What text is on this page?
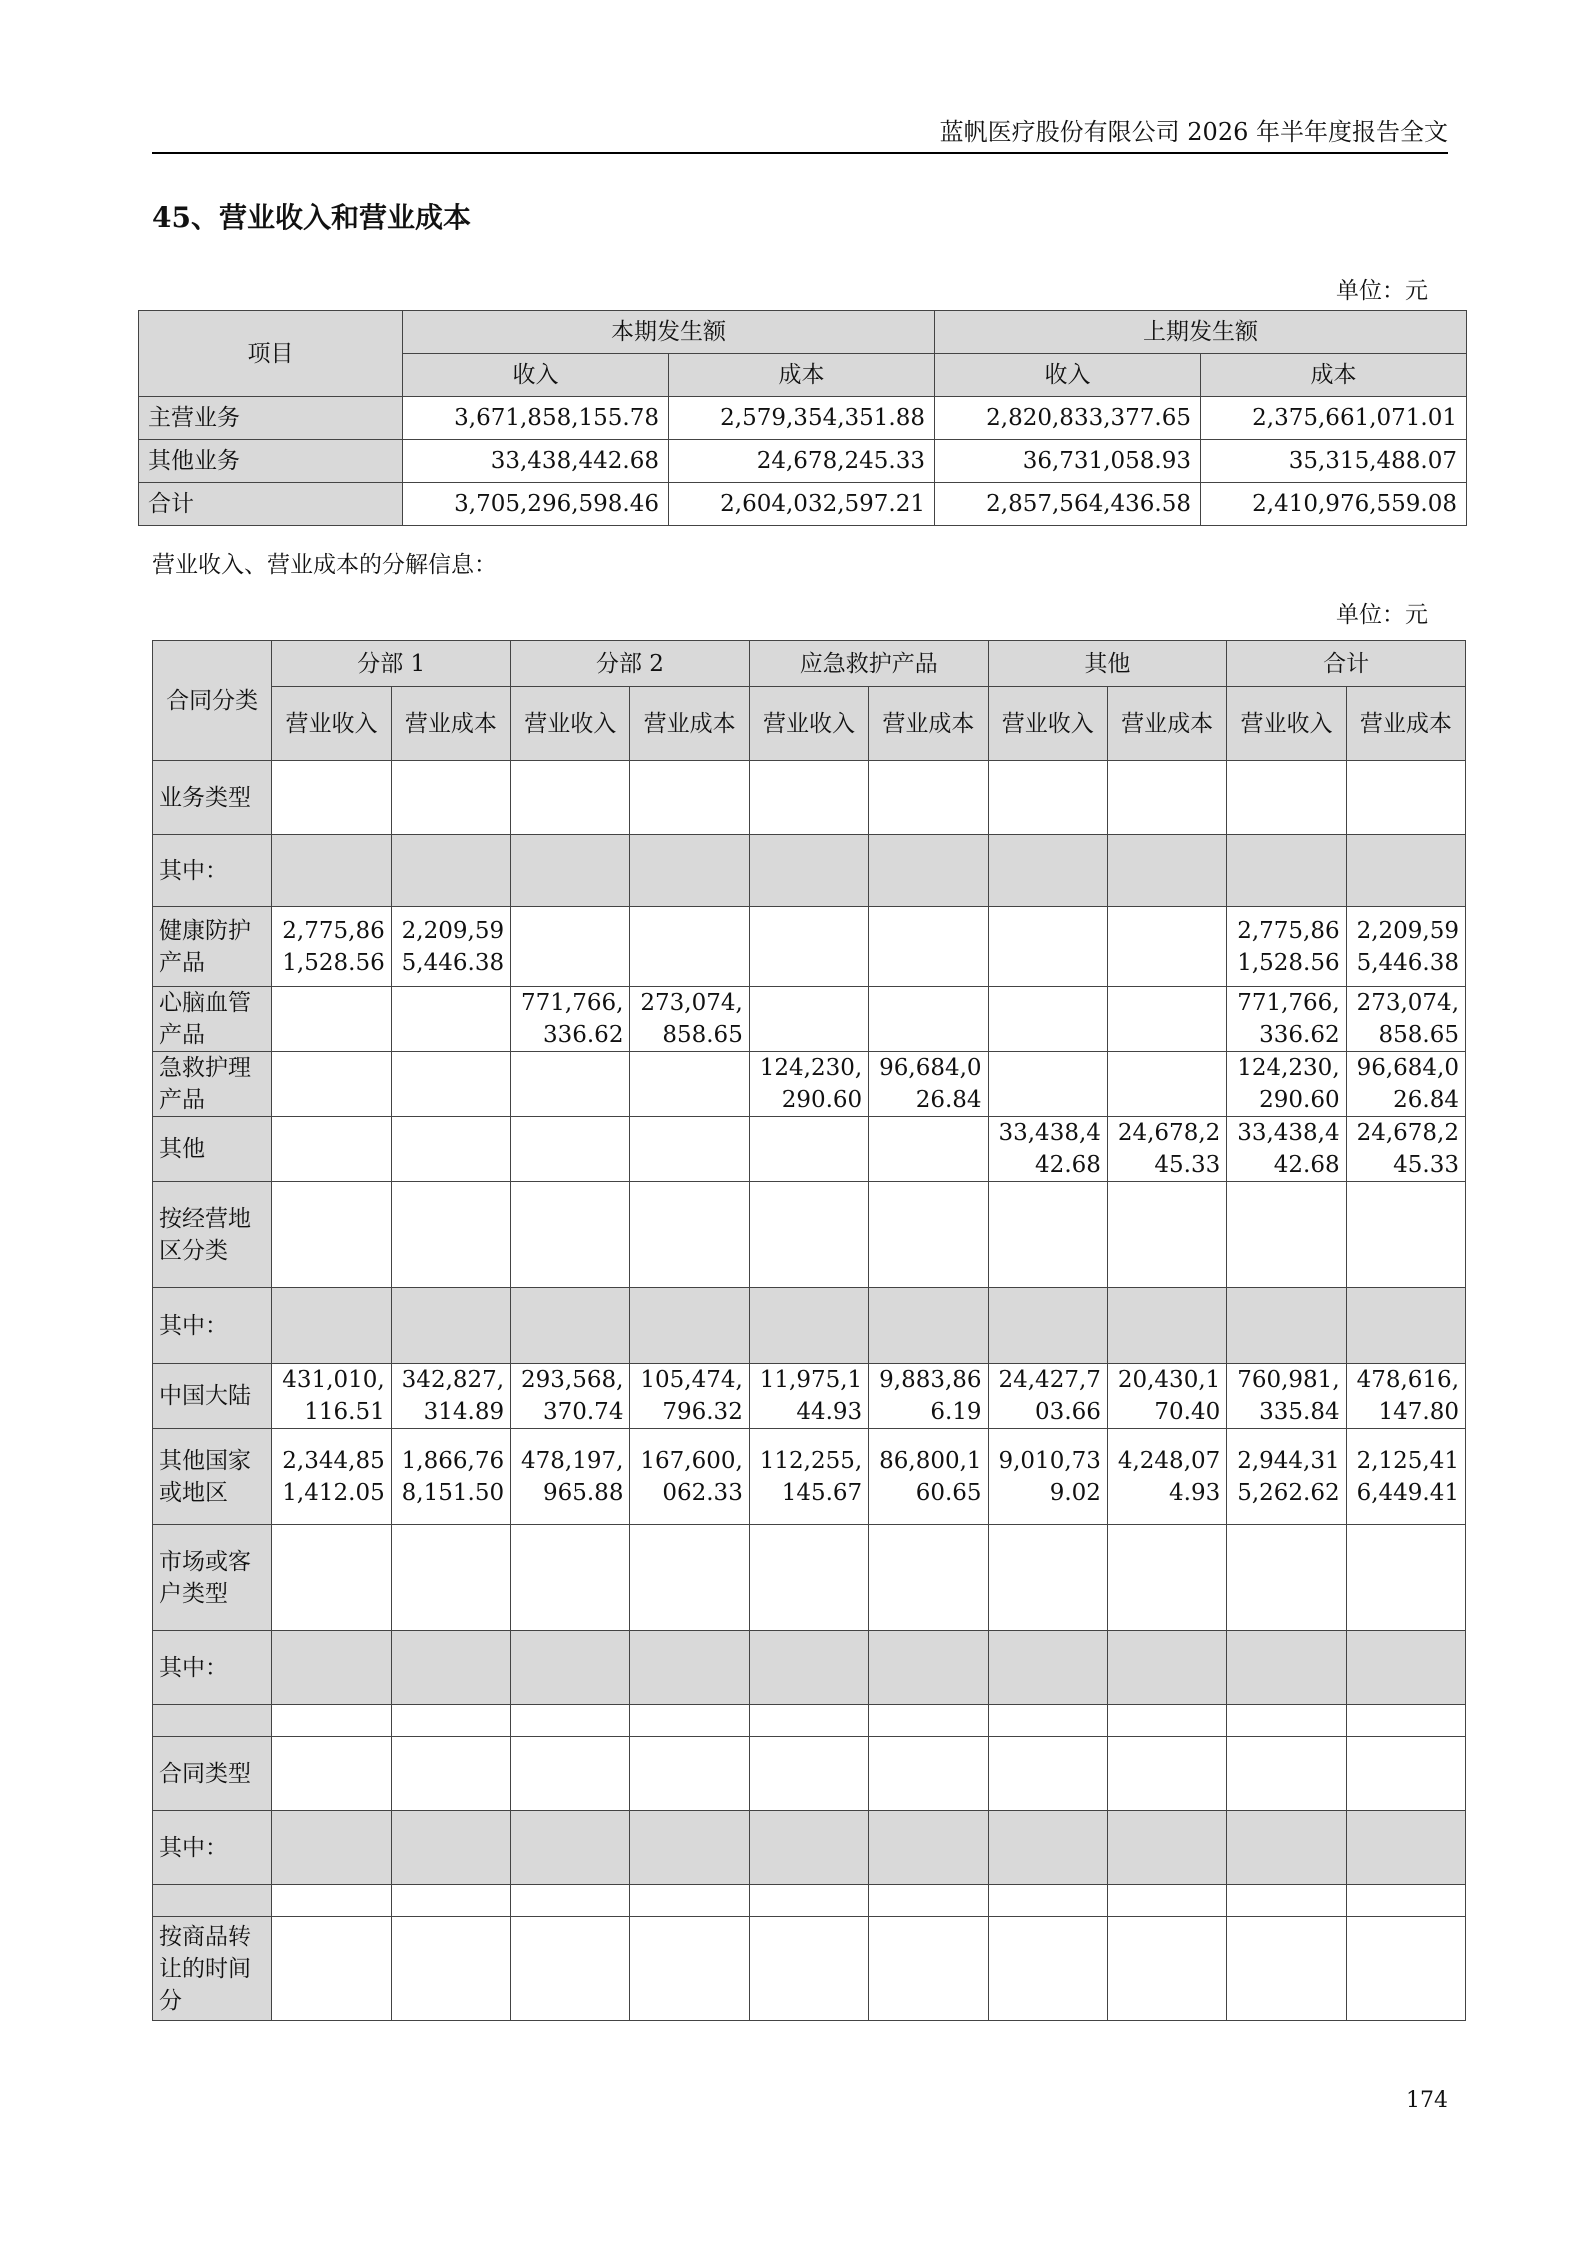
蓝帆医疗股份有限公司 2026 年半年度报告全文
45、营业收入和营业成本
单位：元
项目	本期发生额		上期发生额	
	收入	成本	收入	成本
主营业务	3,671,858,155.78	2,579,354,351.88	2,820,833,377.65	2,375,661,071.01
其他业务	33,438,442.68	24,678,245.33	36,731,058.93	35,315,488.07
合计	3,705,296,598.46	2,604,032,597.21	2,857,564,436.58	2,410,976,559.08
营业收入、营业成本的分解信息：
单位：元
合同分类	分部 1		分部 2		应急救护产品		其他		合计	
	营业收入	营业成本	营业收入	营业成本	营业收入	营业成本	营业收入	营业成本	营业收入	营业成本
业务类型										
其中：										
健康防护产品	2,775,861,528.56	2,209,595,446.38							2,775,861,528.56	2,209,595,446.38
心脑血管产品			771,766,336.62	273,074,858.65					771,766,336.62	273,074,858.65
急救护理产品					124,230,290.60	96,684,026.84			124,230,290.60	96,684,026.84
其他							33,438,442.68	24,678,245.33	33,438,442.68	24,678,245.33
按经营地区分类										
其中：										
中国大陆	431,010,116.51	342,827,314.89	293,568,370.74	105,474,796.32	11,975,144.93	9,883,866.19	24,427,703.66	20,430,170.40	760,981,335.84	478,616,147.80
其他国家或地区	2,344,851,412.05	1,866,768,151.50	478,197,965.88	167,600,062.33	112,255,145.67	86,800,160.65	9,010,739.02	4,248,074.93	2,944,315,262.62	2,125,416,449.41
市场或客户类型										
其中：										

合同类型										
其中：										

按商品转让的时间分										
174
